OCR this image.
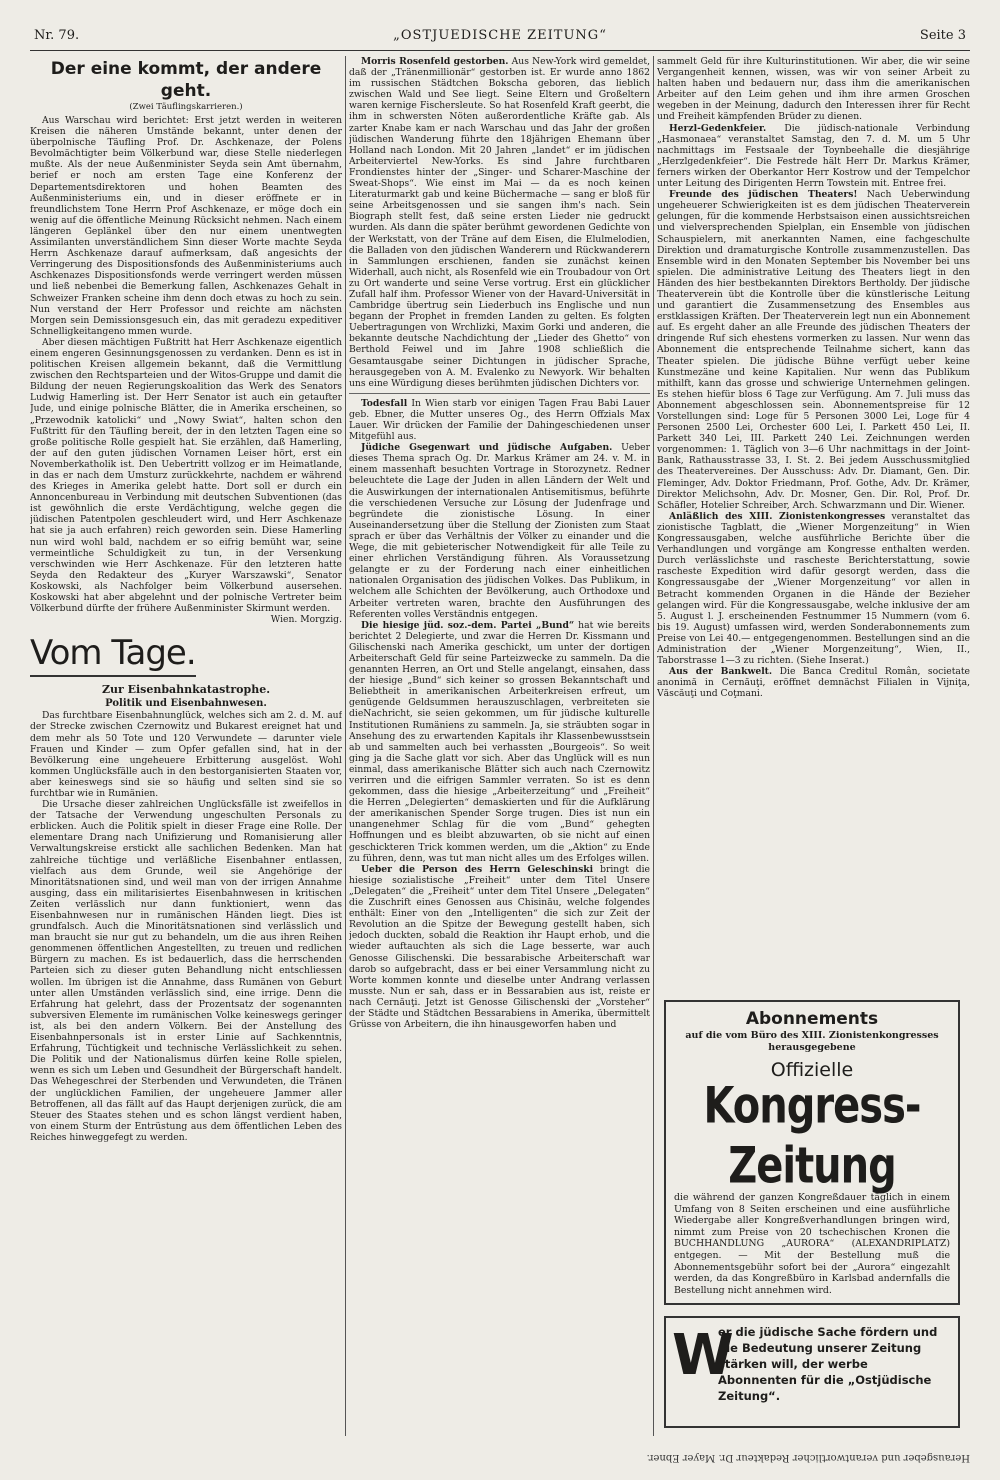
Nr. 79.	„OSTJUEDISCHE ZEITUNG“	Seite 3
Der eine kommt, der andere geht.
(Zwei Täuflingskarrieren.)

Aus Warschau wird berichtet: Erst jetzt werden in weiteren Kreisen die näheren Umstände bekannt, unter denen der überpolnische Täufling Prof. Dr. Aschkenaze, der Polens Bevolmächtigter beim Völkerbund war, diese Stelle niederlegen mußte. Als der neue Außenminister Seyda sein Amt übernahm, berief er noch am ersten Tage eine Konferenz der Departementsdirektoren und hohen Beamten des Außenministeriums ein, und in dieser eröffnete er in freundlichstem Tone Herrn Prof Aschkenaze, er möge doch ein wenig auf die öffentliche Meinung Rücksicht nehmen. Nach einem längeren Geplänkel über den nur einem unentwegten Assimilanten unverständlichem Sinn dieser Worte machte Seyda Herrn Aschkenaze darauf aufmerksam, daß angesichts der Verringerung des Dispositionsfonds des Außenministeriums auch Aschkenazes Dispositionsfonds werde verringert werden müssen und ließ nebenbei die Bemerkung fallen, Aschkenazes Gehalt in Schweizer Franken scheine ihm denn doch etwas zu hoch zu sein. Nun verstand der Herr Professor und reichte am nächsten Morgen sein Demissionsgesuch ein, das mit geradezu expeditiver Schnelligkeitangeno mmen wurde.

Aber diesen mächtigen Fußtritt hat Herr Aschkenaze eigentlich einem engeren Gesinnungsgenossen zu verdanken. Denn es ist in politischen Kreisen allgemein bekannt, daß die Vermittlung zwischen den Rechtsparteien und der Witos-Gruppe und damit die Bildung der neuen Regierungskoalition das Werk des Senators Ludwig Hamerling ist. Der Herr Senator ist auch ein getaufter Jude, und einige polnische Blätter, die in Amerika erscheinen, so „Przewodnik katolicki“ und „Nowy Swiat“, halten schon den Fußtritt für den Täufling bereit, der in den letzten Tagen eine so große politische Rolle gespielt hat. Sie erzählen, daß Hamerling, der auf den guten jüdischen Vornamen Leiser hört, erst ein Novemberkatholik ist. Den Uebertritt vollzog er im Heimatlande, in das er nach dem Umsturz zurückkehrte, nachdem er während des Krieges in Amerika gelebt hatte. Dort soll er durch ein Annoncenbureau in Verbindung mit deutschen Subventionen (das ist gewöhnlich die erste Verdächtigung, welche gegen die jüdischen Patentpolen geschleudert wird, und Herr Aschkenaze hat sie ja auch erfahren) reich geworden sein. Diese Hamerling nun wird wohl bald, nachdem er so eifrig bemüht war, seine vermeintliche Schuldigkeit zu tun, in der Versenkung verschwinden wie Herr Aschkenaze. Für den letzteren hatte Seyda den Redakteur des „Kuryer Warszawski“, Senator Koskowski, als Nachfolger beim Völkerbund ausersehen. Koskowski hat aber abgelehnt und der polnische Vertreter beim Völkerbund dürfte der frühere Außenminister Skirmunt werden.

Wien. Morgzig.
Vom Tage.
Zur Eisenbahnkatastrophe.
Politik und Eisenbahnwesen.

Das furchtbare Eisenbahnunglück, welches sich am 2. d. M. auf der Strecke zwischen Czernowitz und Bukarest ereignet hat und dem mehr als 50 Tote und 120 Verwundete — darunter viele Frauen und Kinder — zum Opfer gefallen sind, hat in der Bevölkerung eine ungeheuere Erbitterung ausgelöst. Wohl kommen Unglücksfälle auch in den bestorganisierten Staaten vor, aber keineswegs sind sie so häufig und selten sind sie so furchtbar wie in Rumänien.

Die Ursache dieser zahlreichen Unglücksfälle ist zweifellos in der Tatsache der Verwendung ungeschulten Personals zu erblicken. Auch die Politik spielt in dieser Frage eine Rolle. Der elementare Drang nach Unifizierung und Romanisierung aller Verwaltungskreise erstickt alle sachlichen Bedenken. Man hat zahlreiche tüchtige und verläßliche Eisenbahner entlassen, vielfach aus dem Grunde, weil sie Angehörige der Minoritätsnationen sind, und weil man von der irrigen Annahme ausging, dass ein militarisiertes Eisenbahnwesen in kritischen Zeiten verlässlich nur dann funktioniert, wenn das Eisenbahnwesen nur in rumänischen Händen liegt. Dies ist grundfalsch. Auch die Minoritätsnationen sind verlässlich und man braucht sie nur gut zu behandeln, um die aus ihren Reihen genommenen öffentlichen Angestellten, zu treuen und redlichen Bürgern zu machen. Es ist bedauerlich, dass die herrschenden Parteien sich zu dieser guten Behandlung nicht entschliessen wollen. Im übrigen ist die Annahme, dass Rumänen von Geburt unter allen Umständen verlässlich sind, eine irrige. Denn die Erfahrung hat gelehrt, dass der Prozentsatz der sogenannten subversiven Elemente im rumänischen Volke keineswegs geringer ist, als bei den andern Völkern. Bei der Anstellung des Eisenbahnpersonals ist in erster Linie auf Sachkenntnis, Erfahrung, Tüchtigkeit und technische Verlässlichkeit zu sehen. Die Politik und der Nationalismus dürfen keine Rolle spielen, wenn es sich um Leben und Gesundheit der Bürgerschaft handelt. Das Wehegeschrei der Sterbenden und Verwundeten, die Tränen der unglücklichen Familien, der ungeheuere Jammer aller Betroffenen, all das fällt auf das Haupt derjenigen zurück, die am Steuer des Staates stehen und es schon längst verdient haben, von einem Sturm der Entrüstung aus dem öffentlichen Leben des Reiches hinweggefegt zu werden.

Morris Rosenfeld gestorben. Aus New-York wird gemeldet, daß der „Tränenmillionär“ gestorben ist. Er wurde anno 1862 im russischen Städtchen Bokscha geboren, das lieblich zwischen Wald und See liegt. Seine Eltern und Großeltern waren kernige Fischersleute. So hat Rosenfeld Kraft geerbt, die ihm in schwersten Nöten außerordentliche Kräfte gab. Als zarter Knabe kam er nach Warschau und das Jahr der großen jüdischen Wanderung führte den 18jährigen Ehemann über Holland nach London. Mit 20 Jahren „landet“ er im jüdischen Arbeiterviertel New-Yorks. Es sind Jahre furchtbaren Frondienstes hinter der „Singer- und Scharer-Maschine der Sweat-Shops“. Wie einst im Mai — da es noch keinen Literaturmarkt gab und keine Büchermache — sang er bloß für seine Arbeitsgenossen und sie sangen ihm's nach. Sein Biograph stellt fest, daß seine ersten Lieder nie gedruckt wurden. Als dann die später berühmt gewordenen Gedichte von der Werkstatt, von der Träne auf dem Eisen, die Elulmelodien, die Balladen von den jüdischen Wanderern und Rückwanderern in Sammlungen erschienen, fanden sie zunächst keinen Widerhall, auch nicht, als Rosenfeld wie ein Troubadour von Ort zu Ort wanderte und seine Verse vortrug. Erst ein glücklicher Zufall half ihm. Professor Wiener von der Havard-Universität in Cambridge übertrug sein Liederbuch ins Englische und nun begann der Prophet in fremden Landen zu gelten. Es folgten Uebertragungen von Wrchlizki, Maxim Gorki und anderen, die bekannte deutsche Nachdichtung der „Lieder des Ghetto“ von Berthold Feiwel und im Jahre 1908 schließlich die Gesamtausgabe seiner Dichtungen in jüdischer Sprache, herausgegeben von A. M. Evalenko zu Newyork. Wir behalten uns eine Würdigung dieses berühmten jüdischen Dichters vor.

Todesfall In Wien starb vor einigen Tagen Frau Babi Lauer geb. Ebner, die Mutter unseres Og., des Herrn Offzials Max Lauer. Wir drücken der Familie der Dahingeschiedenen unser Mitgefühl aus.

Jüdiche Gsegenwart und jüdische Aufgaben. Ueber dieses Thema sprach Og. Dr. Markus Krämer am 24. v. M. in einem massenhaft besuchten Vortrage in Storozynetz. Redner beleuchtete die Lage der Juden in allen Ländern der Welt und die Auswirkungen der internationalen Antisemitismus, beführte die verschiedenen Versuche zur Lösung der Judenfrage und begründete die zionistische Lösung. In einer Auseinandersetzung über die Stellung der Zionisten zum Staat sprach er über das Verhältnis der Völker zu einander und die Wege, die mit gebieterischer Notwendigkeit für alle Teile zu einer ehrlichen Verständigung führen. Als Voraussetzung gelangte er zu der Forderung nach einer einheitlichen nationalen Organisation des jüdischen Volkes. Das Publikum, in welchem alle Schichten der Bevölkerung, auch Orthodoxe und Arbeiter vertreten waren, brachte den Ausführungen des Referenten volles Verständnis entgegen.

Die hiesige jüd. soz.-dem. Partei „Bund“ hat wie bereits berichtet 2 Delegierte, und zwar die Herren Dr. Kissmann und Gilischenski nach Amerika geschickt, um unter der dortigen Arbeiterschaft Geld für seine Parteizwecke zu sammeln. Da die genannten Herren, an Ort und Stelle angelangt, einsahen, dass der hiesige „Bund“ sich keiner so grossen Bekanntschaft und Beliebtheit in amerikanischen Arbeiterkreisen erfreut, um genügende Geldsummen herauszuschlagen, verbreiteten sie dieNachricht, sie seien gekommen, um für jüdische kulturelle Institutionen Rumäniens zu sammeln. Ja, sie sträubten sogar in Ansehung des zu erwartenden Kapitals ihr Klassenbewusstsein ab und sammelten auch bei verhassten „Bourgeois“. So weit ging ja die Sache glatt vor sich. Aber das Unglück will es nun einmal, dass amerikanische Blätter sich auch nach Czernowitz verirren und die eifrigen Sammler verraten. So ist es denn gekommen, dass die hiesige „Arbeiterzeitung“ und „Freiheit“ die Herren „Delegierten“ demaskierten und für die Aufklärung der amerikanischen Spender Sorge trugen. Dies ist nun ein unangenehmer Schlag für die vom „Bund“ gehegten Hoffnungen und es bleibt abzuwarten, ob sie nicht auf einen geschickteren Trick kommen werden, um die „Aktion“ zu Ende zu führen, denn, was tut man nicht alles um des Erfolges willen.

Ueber die Person des Herrn Geleschinski bringt die hiesige sozialistische „Freiheit“ unter dem Titel Unsere „Delegaten“ die „Freiheit“ unter dem Titel Unsere „Delegaten“ die Zuschrift eines Genossen aus Chisinău, welche folgendes enthält: Einer von den „Intelligenten“ die sich zur Zeit der Revolution an die Spitze der Bewegung gestellt haben, sich jedoch duckten, sobald die Reaktion ihr Haupt erhob, und die wieder auftauchten als sich die Lage besserte, war auch Genosse Gilischenski. Die bessarabische Arbeiterschaft war darob so aufgebracht, dass er bei einer Versammlung nicht zu Worte kommen konnte und dieselbe unter Andrang verlassen musste. Nun er sah, dass er in Bessarabien aus ist, reiste er nach Cernăuţi. Jetzt ist Genosse Gilischenski der „Vorsteher“ der Städte und Städtchen Bessarabiens in Amerika, übermittelt Grüsse von Arbeitern, die ihn hinausgeworfen haben und

sammelt Geld für ihre Kulturinstitutionen. Wir aber, die wir seine Vergangenheit kennen, wissen, was wir von seiner Arbeit zu halten haben und bedauern nur, dass ihm die amerikanischen Arbeiter auf den Leim gehen und ihm ihre armen Groschen wegeben in der Meinung, dadurch den Interessen ihrer für Recht und Freiheit kämpfenden Brüder zu dienen.

Herzl-Gedenkfeier. Die jüdisch-nationale Verbindung „Hasmonaea“ veranstaltet Samstag, den 7. d. M. um 5 Uhr nachmittags im Festsaale der Toynbeehalle die diesjährige „Herzlgedenkfeier“. Die Festrede hält Herr Dr. Markus Krämer, ferners wirken der Oberkantor Herr Kostrow und der Tempelchor unter Leitung des Dirigenten Herrn Towstein mit. Entree frei.

Freunde des jüdischen Theaters! Nach Ueberwindung ungeheuerer Schwierigkeiten ist es dem jüdischen Theaterverein gelungen, für die kommende Herbstsaison einen aussichtsreichen und vielversprechenden Spielplan, ein Ensemble von jüdischen Schauspielern, mit anerkannten Namen, eine fachgeschulte Direktion und dramaturgische Kontrolle zusammenzustellen. Das Ensemble wird in den Monaten September bis November bei uns spielen. Die administrative Leitung des Theaters liegt in den Händen des hier bestbekannten Direktors Bertholdy. Der jüdische Theaterverein übt die Kontrolle über die künstlerische Leitung und garantiert die Zusammensetzung des Ensembles aus erstklassigen Kräften. Der Theaterverein legt nun ein Abonnement auf. Es ergeht daher an alle Freunde des jüdischen Theaters der dringende Ruf sich ehestens vormerken zu lassen. Nur wenn das Abonnement die entsprechende Teilnahme sichert, kann das Theater spielen. Die jüdische Bühne verfügt ueber keine Kunstmezäne und keine Kapitalien. Nur wenn das Publikum mithilft, kann das grosse und schwierige Unternehmen gelingen. Es stehen hiefür bloss 6 Tage zur Verfügung. Am 7. Juli muss das Abonnement abgeschlossen sein. Abonnementspreise für 12 Vorstellungen sind: Loge für 5 Personen 3000 Lei, Loge für 4 Personen 2500 Lei, Orchester 600 Lei, I. Parkett 450 Lei, II. Parkett 340 Lei, III. Parkett 240 Lei. Zeichnungen werden vorgenommen: 1. Täglich von 3—6 Uhr nachmittags in der Joint-Bank, Rathausstrasse 33, I. St. 2. Bei jedem Ausschussmitglied des Theatervereines. Der Ausschuss: Adv. Dr. Diamant, Gen. Dir. Fleminger, Adv. Doktor Friedmann, Prof. Gothe, Adv. Dr. Krämer, Direktor Melichsohn, Adv. Dr. Mosner, Gen. Dir. Rol, Prof. Dr. Schäfler, Hotelier Schreiber, Arch. Schwarzmann und Dir. Wiener.

Anläßlich des XIII. Zionistenkongresses veranstaltet das zionistische Tagblatt, die „Wiener Morgenzeitung“ in Wien Kongressausgaben, welche ausführliche Berichte über die Verhandlungen und vorgänge am Kongresse enthalten werden. Durch verlässlichste und rascheste Berichterstattung, sowie rascheste Expedition wird dafür gesorgt werden, dass die Kongressausgabe der „Wiener Morgenzeitung“ vor allen in Betracht kommenden Organen in die Hände der Bezieher gelangen wird. Für die Kongressausgabe, welche inklusive der am 5. August l. J. erscheinenden Festnummer 15 Nummern (vom 6. bis 19. August) umfassen wird, werden Sonderabonnements zum Preise von Lei 40.— entgegengenommen. Bestellungen sind an die Administration der „Wiener Morgenzeitung“, Wien, II., Taborstrasse 1—3 zu richten. (Siehe Inserat.)

Aus der Bankwelt. Die Banca Creditul Român, societate anonimă in Cernăuţi, eröffnet demnächst Filialen in Vijniţa, Văscăuţi und Coţmani.

Abonnements
auf die vom Büro des XIII. Zionistenkongresses herausgegebene
Offizielle
Kongress-Zeitung
die während der ganzen Kongreßdauer täglich in einem Umfang von 8 Seiten erscheinen und eine ausführliche Wiedergabe aller Kongreßverhandlungen bringen wird, nimmt zum Preise von 20 tschechischen Kronen die BUCHHANDLUNG „AURORA“ (ALEXANDRIPLATZ) entgegen. — Mit der Bestellung muß die Abonnementsgebühr sofort bei der „Aurora“ eingezahlt werden, da das Kongreßbüro in Karlsbad andernfalls die Bestellung nicht annehmen wird.
W
er die jüdische Sache fördern und die Bedeutung unserer Zeitung stärken will, der werbe Abonnenten für die „Ostjüdische Zeitung“.
Herausgeber und verantwortlicher Redakteur Dr. Mayer Ebner.
